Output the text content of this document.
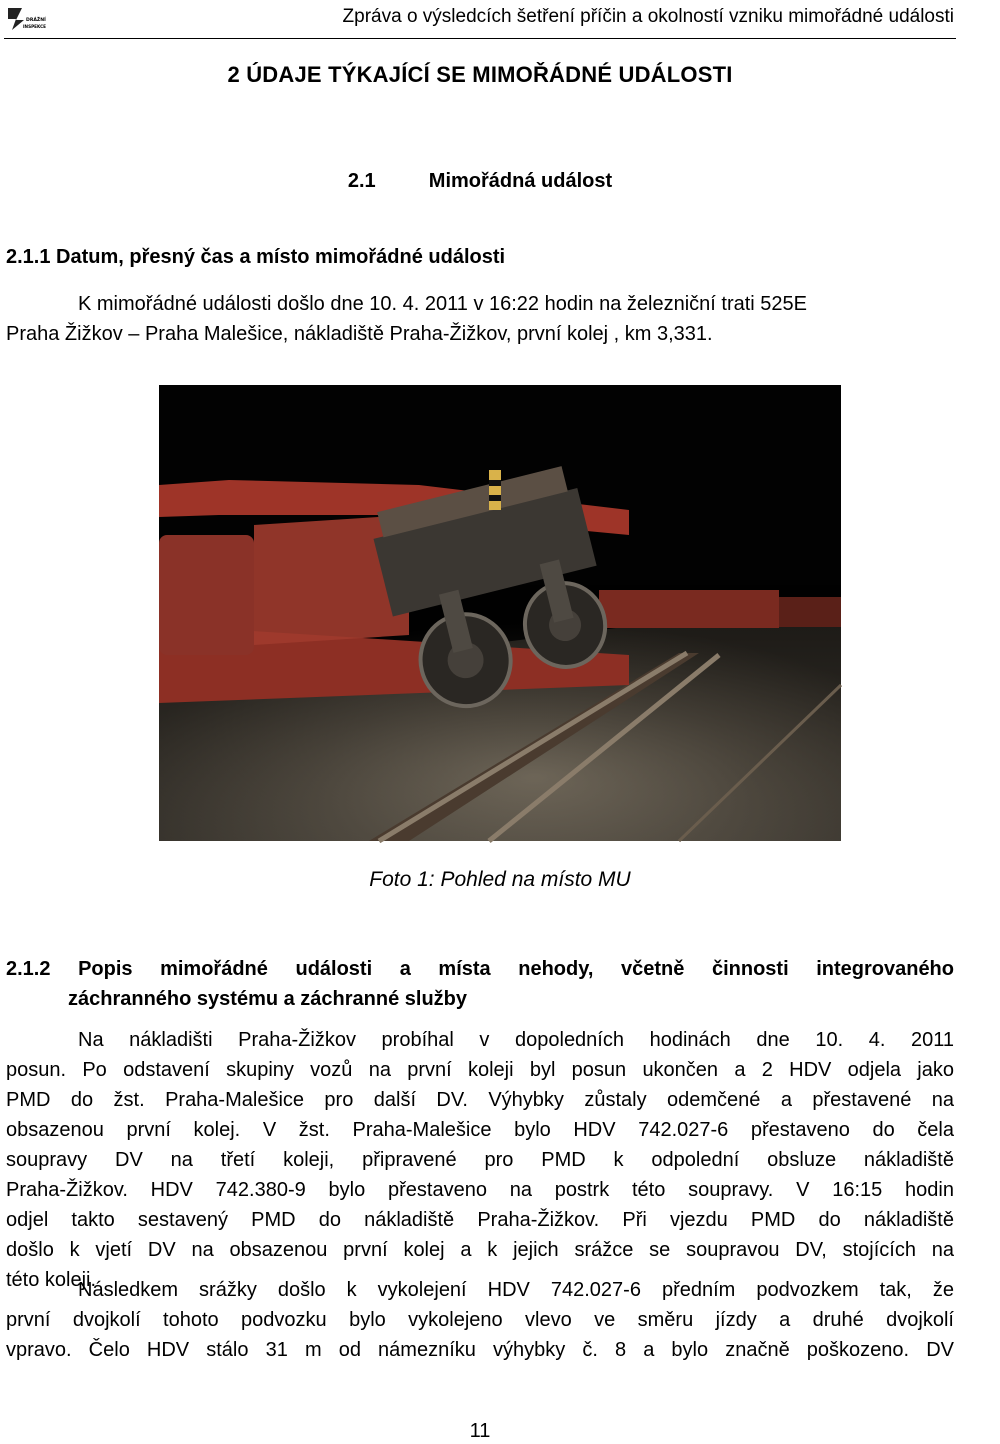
DRÁŽNÍ
INSPEKCE	Zpráva o výsledcích šetření příčin a okolností vzniku mimořádné události
2 ÚDAJE TÝKAJÍCÍ SE MIMOŘÁDNÉ UDÁLOSTI
2.1	Mimořádná událost
2.1.1 Datum, přesný čas a místo mimořádné události
K mimořádné události došlo dne 10. 4. 2011 v 16:22 hodin na železniční trati 525E
Praha Žižkov – Praha Malešice, nákladiště Praha-Žižkov, první kolej , km 3,331.
Foto 1: Pohled na místo MU
2.1.2 Popis mimořádné události a místa nehody, včetně činnosti integrovaného
záchranného systému a záchranné služby
Na nákladišti Praha-Žižkov probíhal v dopoledních hodinách dne 10. 4. 2011
posun. Po odstavení skupiny vozů na první koleji byl posun ukončen a 2 HDV odjela jako
PMD do žst. Praha-Malešice pro další DV. Výhybky zůstaly odemčené a přestavené na
obsazenou první kolej. V žst. Praha-Malešice bylo HDV 742.027-6 přestaveno do čela
soupravy DV na třetí koleji, připravené pro PMD k odpolední obsluze nákladiště
Praha-Žižkov. HDV 742.380-9 bylo přestaveno na postrk této soupravy. V 16:15 hodin
odjel takto sestavený PMD do nákladiště Praha-Žižkov. Při vjezdu PMD do nákladiště
došlo k vjetí DV na obsazenou první kolej a k jejich srážce se soupravou DV, stojících na
této koleji.
Následkem srážky došlo k vykolejení HDV 742.027-6 předním podvozkem tak, že
první dvojkolí tohoto podvozku bylo vykolejeno vlevo ve směru jízdy a druhé dvojkolí
vpravo. Čelo HDV stálo 31 m od námezníku výhybky č. 8 a bylo značně poškozeno. DV
11
